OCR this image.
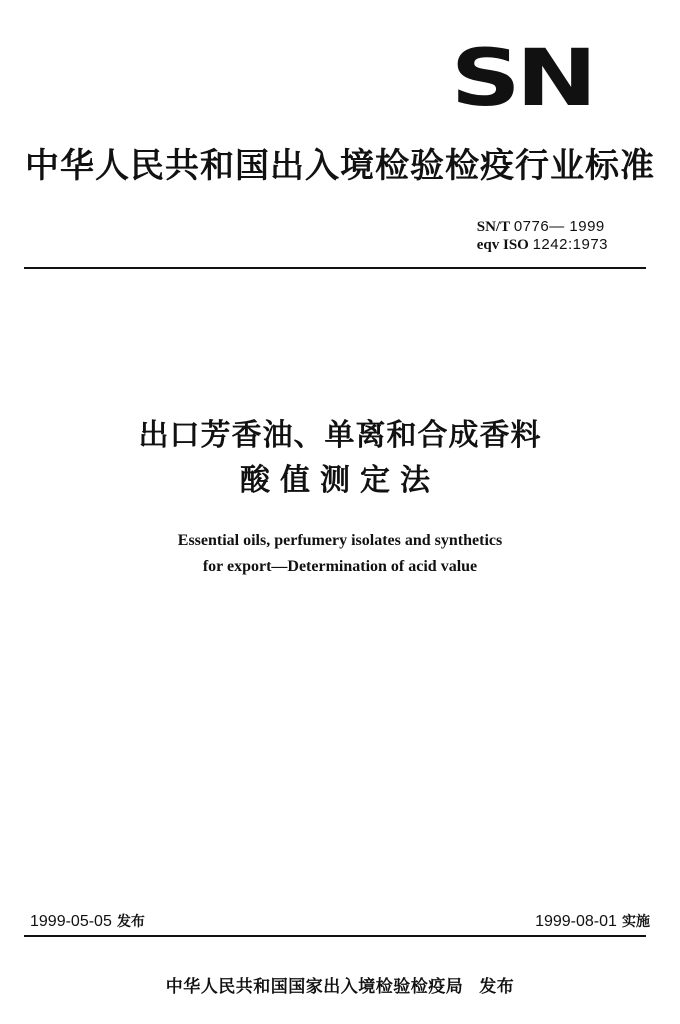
SN
中华人民共和国出入境检验检疫行业标准
SN/T 0776— 1999
eqv ISO 1242:1973
出口芳香油、单离和合成香料
酸值测定法
Essential oils, perfumery isolates and synthetics
for export—Determination of acid value
1999-05-05 发布	1999-08-01 实施
中华人民共和国国家出入境检验检疫局 发布
